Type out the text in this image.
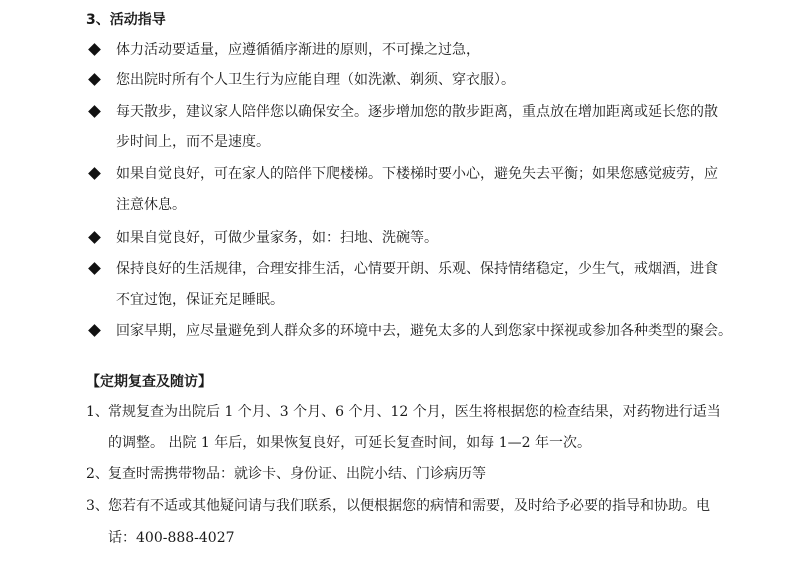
3、活动指导
体力活动要适量，应遵循循序渐进的原则，不可操之过急，
您出院时所有个人卫生行为应能自理（如洗漱、剃须、穿衣服）。
每天散步，建议家人陪伴您以确保安全。逐步增加您的散步距离，重点放在增加距离或延长您的散
步时间上，而不是速度。
如果自觉良好，可在家人的陪伴下爬楼梯。下楼梯时要小心，避免失去平衡；如果您感觉疲劳，应
注意休息。
如果自觉良好，可做少量家务，如：扫地、洗碗等。
保持良好的生活规律，合理安排生活，心情要开朗、乐观、保持情绪稳定，少生气，戒烟酒，进食
不宜过饱，保证充足睡眠。
回家早期，应尽量避免到人群众多的环境中去，避免太多的人到您家中探视或参加各种类型的聚会。
【定期复查及随访】
1、 常规复查为出院后 1 个月、3 个月、6 个月、12 个月，医生将根据您的检查结果，对药物进行适当
的调整。 出院 1 年后，如果恢复良好，可延长复查时间，如每 1—2 年一次。
2、 复查时需携带物品：就诊卡、身份证、出院小结、门诊病历等
3、 您若有不适或其他疑问请与我们联系，以便根据您的病情和需要，及时给予必要的指导和协助。电
话：400-888-4027
